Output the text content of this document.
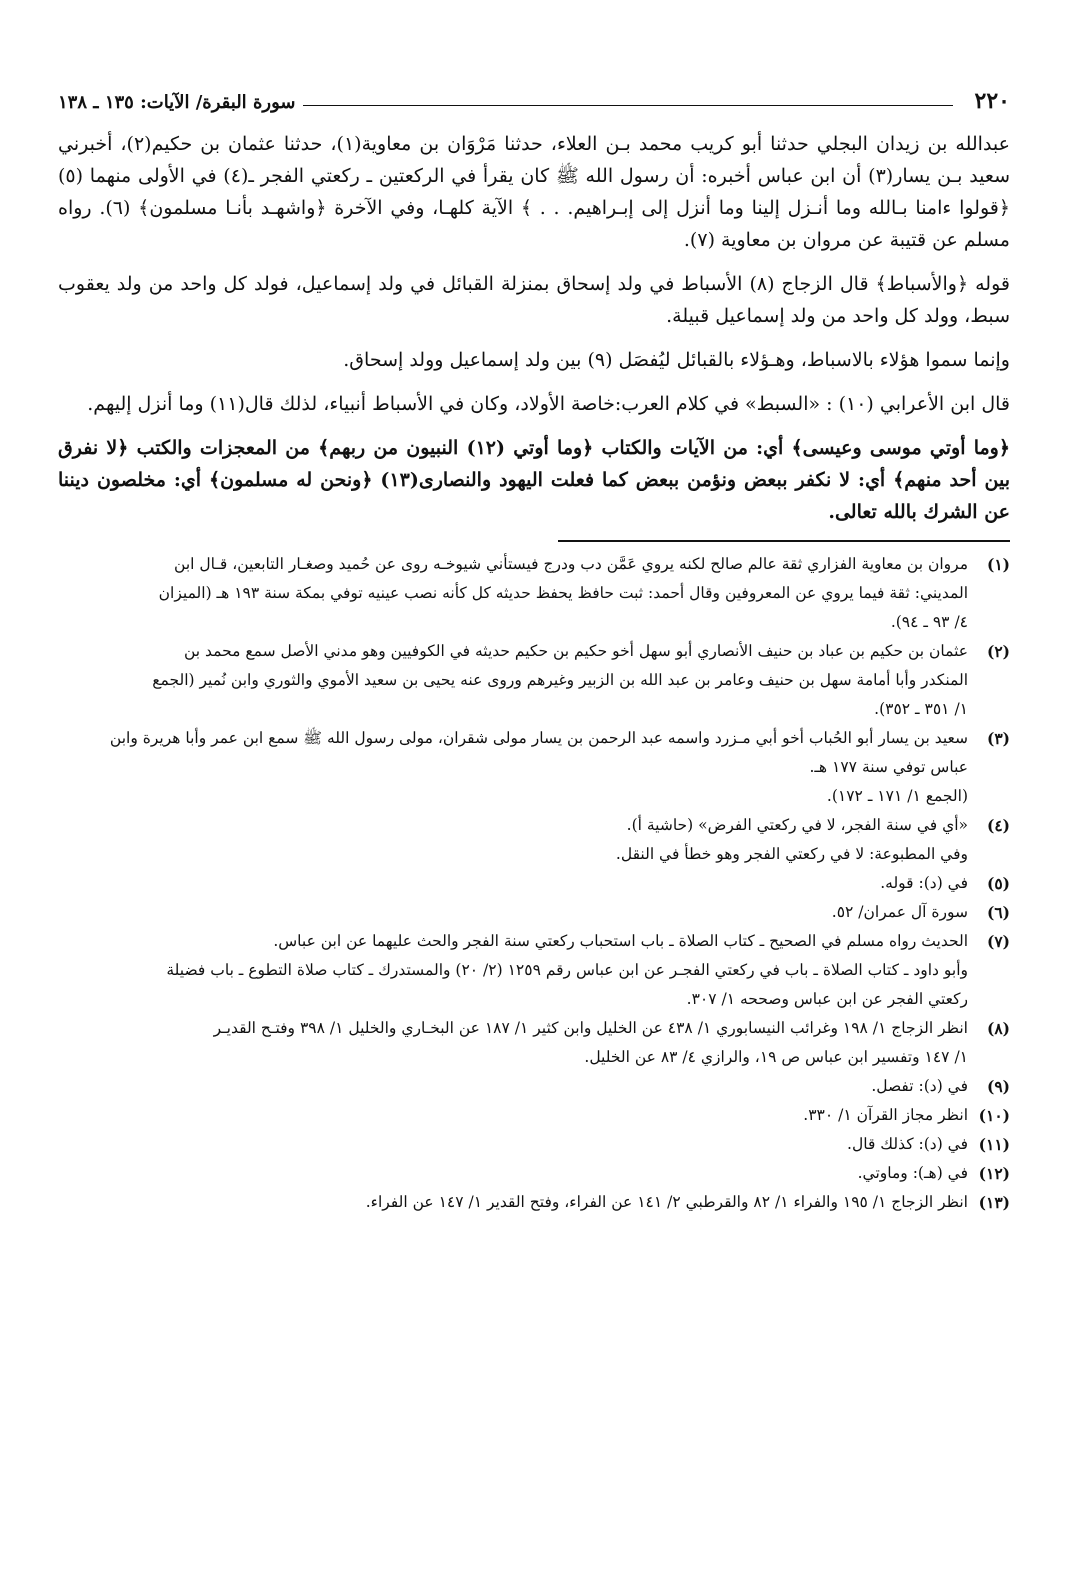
٢٢٠
سورة البقرة/ الآيات: ١٣٥ ـ ١٣٨

عبدالله بن زيدان البجلي حدثنا أبو كريب محمد بـن العلاء، حدثنا مَرْوَان بن معاوية(١)، حدثنا عثمان بن حكيم(٢)، أخبرني سعيد بـن يسار(٣) أن ابن عباس أخبره: أن رسول الله ﷺ كان يقرأ في الركعتين ـ ركعتي الفجر ـ(٤) في الأولى منهما (٥) ﴿قولوا ءامنا بـالله وما أنـزل إلينا وما أنزل إلى إبـراهيم. . . ﴾ الآية كلهـا، وفي الآخرة ﴿واشهـد بأنـا مسلمون﴾ (٦). رواه مسلم عن قتيبة عن مروان بن معاوية (٧).

قوله ﴿والأسباط﴾ قال الزجاج (٨) الأسباط في ولد إسحاق بمنزلة القبائل في ولد إسماعيل، فولد كل واحد من ولد يعقوب سبط، وولد كل واحد من ولد إسماعيل قبيلة.

وإنما سموا هؤلاء بالاسباط، وهـؤلاء بالقبائل ليُفصَل (٩) بين ولد إسماعيل وولد إسحاق.

قال ابن الأعرابي (١٠) : «السبط» في كلام العرب:خاصة الأولاد، وكان في الأسباط أنبياء، لذلك قال(١١) وما أنزل إليهم.

﴿وما أوتي موسى وعيسى﴾ أي: من الآيات والكتاب ﴿وما أوتي (١٢) النبيون من ربهم﴾ من المعجزات والكتب ﴿لا نفرق بين أحد منهم﴾ أي: لا نكفر ببعض ونؤمن ببعض كما فعلت اليهود والنصارى(١٣) ﴿ونحن له مسلمون﴾ أي: مخلصون ديننا عن الشرك بالله تعالى.

(١)
مروان بن معاوية الفزاري ثقة عالم صالح لكنه يروي عَمَّن دب ودرج فيستأني شيوخـه روى عن حُميد وصغـار التابعين، قـال ابن
المديني: ثقة فيما يروي عن المعروفين وقال أحمد: ثبت حافظ يحفظ حديثه كل كأنه نصب عينيه توفي بمكة سنة ١٩٣ هـ (الميزان
٤/ ٩٣ ـ ٩٤).
(٢)
عثمان بن حكيم بن عباد بن حنيف الأنصاري أبو سهل أخو حكيم بن حكيم حديثه في الكوفيين وهو مدني الأصل سمع محمد بن
المنكدر وأبا أمامة سهل بن حنيف وعامر بن عبد الله بن الزبير وغيرهم وروى عنه يحيى بن سعيد الأموي والثوري وابن نُمير (الجمع
١/ ٣٥١ ـ ٣٥٢).
(٣)
سعيد بن يسار أبو الحُباب أخو أبي مـزرد واسمه عبد الرحمن بن يسار مولى شقران، مولى رسول الله ﷺ سمع ابن عمر وأبا هريرة وابن
عباس توفي سنة ١٧٧ هـ.
(الجمع ١/ ١٧١ ـ ١٧٢).
(٤)
«أي في سنة الفجر، لا في ركعتي الفرض» (حاشية أ).
وفي المطبوعة: لا في ركعتي الفجر وهو خطأ في النقل.
(٥)
في (د): قوله.
(٦)
سورة آل عمران/ ٥٢.
(٧)
الحديث رواه مسلم في الصحيح ـ كتاب الصلاة ـ باب استحباب ركعتي سنة الفجر والحث عليهما عن ابن عباس.
وأبو داود ـ كتاب الصلاة ـ باب في ركعتي الفجـر عن ابن عباس رقم ١٢٥٩ (٢/ ٢٠) والمستدرك ـ كتاب صلاة التطوع ـ باب فضيلة
ركعتي الفجر عن ابن عباس وصححه ١/ ٣٠٧.
(٨)
انظر الزجاج ١/ ١٩٨ وغرائب النيسابوري ١/ ٤٣٨ عن الخليل وابن كثير ١/ ١٨٧ عن البخـاري والخليل ١/ ٣٩٨ وفتـح القديـر
١/ ١٤٧ وتفسير ابن عباس ص ١٩، والرازي ٤/ ٨٣ عن الخليل.
(٩)
في (د): تفصل.
(١٠)
انظر مجاز القرآن ١/ ٣٣٠.
(١١)
في (د): كذلك قال.
(١٢)
في (هـ): وماوتي.
(١٣)
انظر الزجاج ١/ ١٩٥ والفراء ١/ ٨٢ والقرطبي ٢/ ١٤١ عن الفراء، وفتح القدير ١/ ١٤٧ عن الفراء.
